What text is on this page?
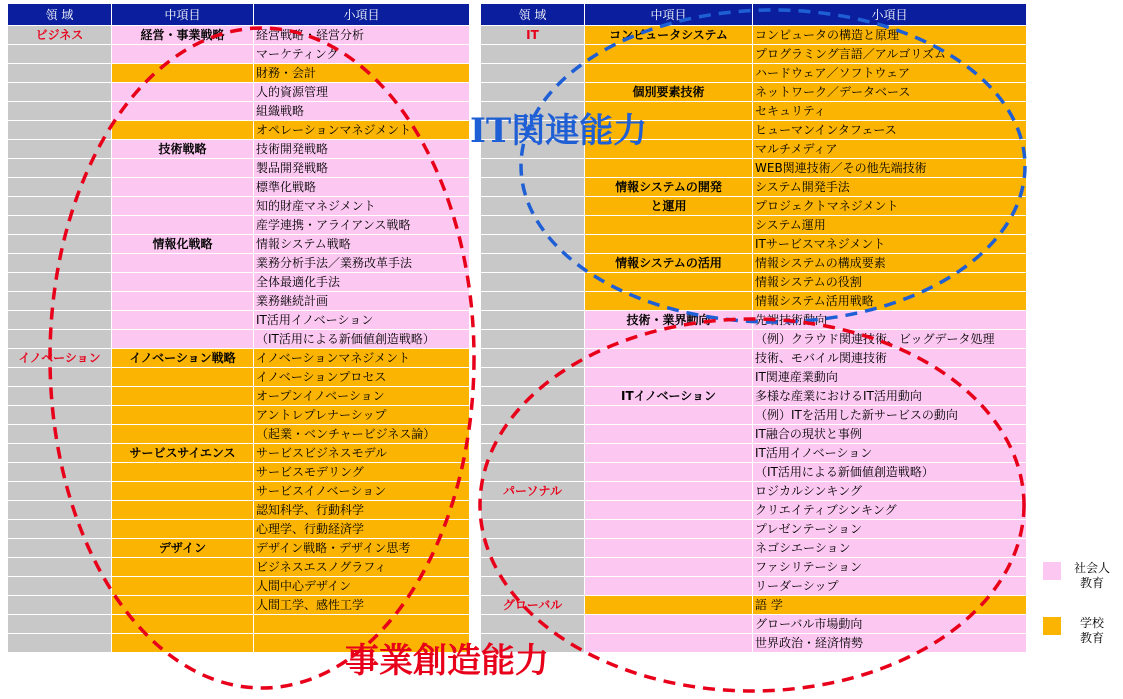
領 域	中項目	小項目
ビジネス	経営・事業戦略	経営戦略・経営分析
		マーケティング
		財務・会計
		人的資源管理
		組織戦略
		オペレーションマネジメント
	技術戦略	技術開発戦略
		製品開発戦略
		標準化戦略
		知的財産マネジメント
		産学連携・アライアンス戦略
	情報化戦略	情報システム戦略
		業務分析手法／業務改革手法
		全体最適化手法
		業務継続計画
		IT活用イノベーション
		（IT活用による新価値創造戦略）
イノベーション	イノベーション戦略	イノベーションマネジメント
		イノベーションプロセス
		オープンイノベーション
		アントレプレナーシップ
		（起業・ベンチャービジネス論）
	サービスサイエンス	サービスビジネスモデル
		サービスモデリング
		サービスイノベーション
		認知科学、行動科学
		心理学、行動経済学
	デザイン	デザイン戦略・デザイン思考
		ビジネスエスノグラフィ
		人間中心デザイン
		人間工学、感性工学

領 域	中項目	小項目
IT	コンピュータシステム	コンピュータの構造と原理
		プログラミング言語／アルゴリズム
		ハードウェア／ソフトウェア
	個別要素技術	ネットワーク／データベース
		セキュリティ
		ヒューマンインタフェース
		マルチメディア
		WEB関連技術／その他先端技術
	情報システムの開発	システム開発手法
	と運用	プロジェクトマネジメント
		システム運用
		ITサービスマネジメント
	情報システムの活用	情報システムの構成要素
		情報システムの役割
		情報システム活用戦略
	技術・業界動向	先端技術動向
		（例）クラウド関連技術、ビッグデータ処理
		技術、モバイル関連技術
		IT関連産業動向
	ITイノベーション	多様な産業におけるIT活用動向
		（例）ITを活用した新サービスの動向
		IT融合の現状と事例
		IT活用イノベーション
		（IT活用による新価値創造戦略）
パーソナル		ロジカルシンキング
		クリエイティブシンキング
		プレゼンテーション
		ネゴシエーション
		ファシリテーション
		リーダーシップ
グローバル		語 学
		グローバル市場動向
		世界政治・経済情勢
IT関連能力
事業創造能力
社会人
教育
学校
教育
